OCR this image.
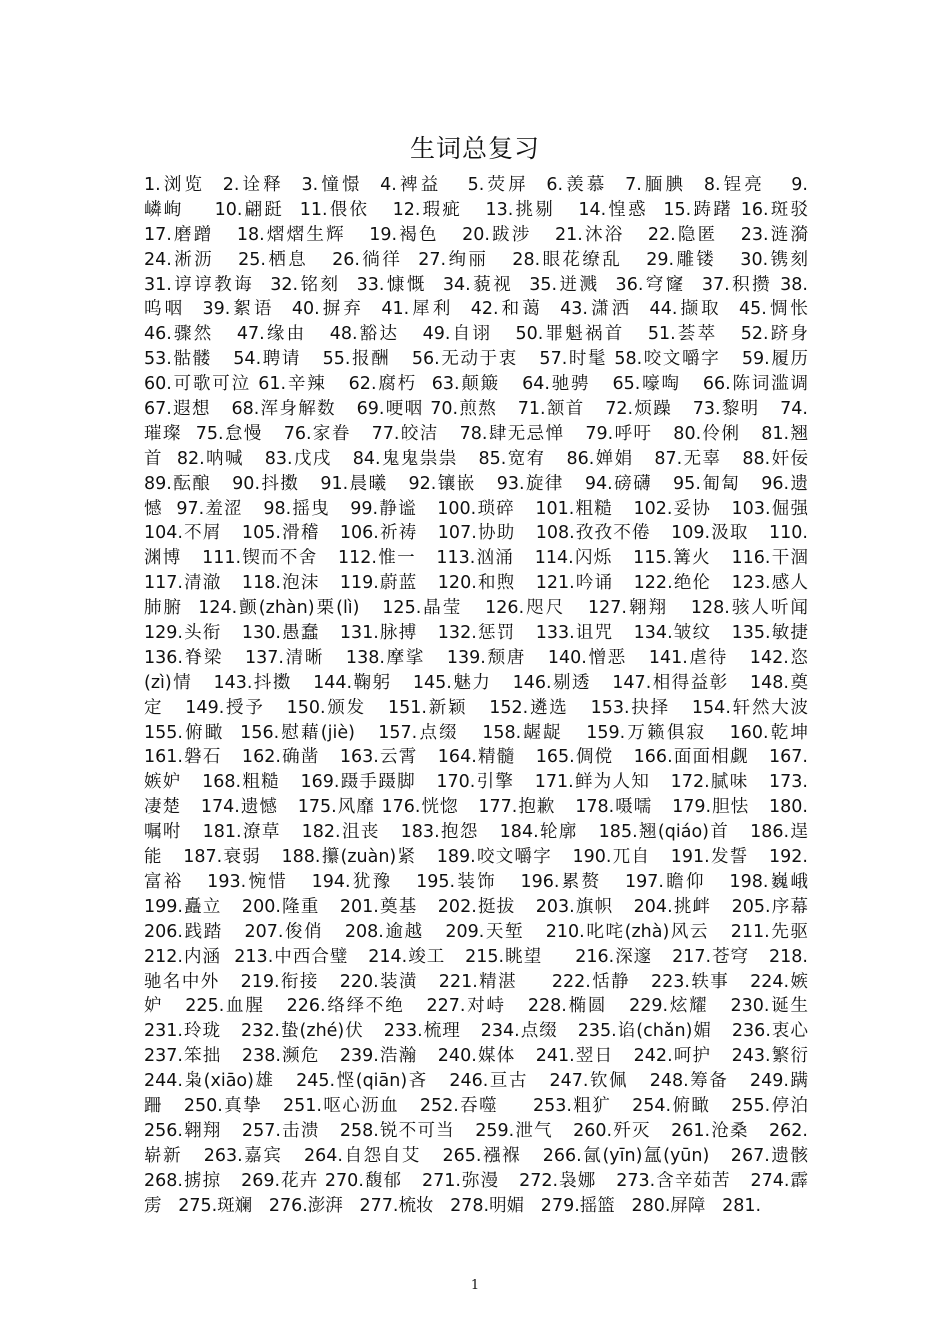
生词总复习
1.浏览  2.诠释  3.憧憬  4.裨益   5.荧屏  6.羡慕  7.腼腆  8.锃亮   9.
嶙峋    10.翩跹  11.偎依   12.瑕疵   13.挑剔   14.惶惑  15.踌躇 16.斑驳
17.磨蹭   18.熠熠生辉   19.褐色   20.跋涉   21.沐浴   22.隐匿   23.涟漪
24.淅沥   25.栖息   26.徜徉  27.绚丽   28.眼花缭乱   29.雕镂   30.镌刻
31.谆谆教诲  32.铭刻  33.慷慨  34.藐视  35.迸溅  36.穹窿  37.积攒 38.
呜咽  39.絮语  40.摒弃  41.犀利  42.和蔼  43.潇洒  44.撷取  45.惆怅
46.骤然   47.缘由   48.豁达   49.自诩   50.罪魁祸首   51.荟萃   52.跻身
53.骷髅   54.聘请   55.报酬   56.无动于衷   57.时髦 58.咬文嚼字   59.履历
60.可歌可泣 61.辛辣   62.腐朽  63.颠簸   64.驰骋   65.嚎啕   66.陈词滥调
67.遐想   68.浑身解数   69.哽咽 70.煎熬   71.颔首   72.烦躁   73.黎明   74.
璀璨  75.怠慢   76.家眷   77.皎洁   78.肆无忌惮   79.呼吁   80.伶俐   81.翘
首  82.呐喊   83.戊戌   84.鬼鬼祟祟   85.宽宥   86.婵娟   87.无辜   88.奸佞
89.酝酿   90.抖擞   91.晨曦   92.镶嵌   93.旋律   94.磅礴   95.匍匐   96.遗
憾  97.羞涩   98.摇曳   99.静谧   100.琐碎   101.粗糙   102.妥协   103.倔强
104.不屑   105.滑稽   106.祈祷   107.协助   108.孜孜不倦   109.汲取   110.
渊博   111.锲而不舍   112.惟一   113.汹涌   114.闪烁   115.篝火   116.干涸
117.清澈   118.泡沫   119.蔚蓝   120.和煦   121.吟诵   122.绝伦   123.感人
肺腑  124.颤(zhàn)栗(lì)   125.晶莹   126.咫尺   127.翱翔   128.骇人听闻
129.头衔   130.愚蠢   131.脉搏   132.惩罚   133.诅咒   134.皱纹   135.敏捷
136.脊梁   137.清晰   138.摩挲   139.颓唐   140.憎恶   141.虐待   142.恣
(zì)情   143.抖擞   144.鞠躬   145.魅力   146.剔透   147.相得益彰   148.奠
定   149.授予   150.颁发   151.新颖   152.遴选   153.抉择   154.轩然大波
155.俯瞰  156.慰藉(jiè)   157.点缀   158.龌龊   159.万籁俱寂   160.乾坤
161.磐石   162.确凿   163.云霄   164.精髓   165.倜傥   166.面面相觑   167.
嫉妒   168.粗糙   169.蹑手蹑脚   170.引擎   171.鲜为人知   172.腻味   173.
凄楚   174.遗憾   175.风靡 176.恍惚   177.抱歉   178.嗫嚅   179.胆怯   180.
嘱咐   181.潦草   182.沮丧   183.抱怨   184.轮廓   185.翘(qiáo)首   186.逞
能   187.衰弱   188.攥(zuàn)紧   189.咬文嚼字   190.兀自   191.发誓   192.
富裕   193.惋惜   194.犹豫   195.装饰   196.累赘   197.瞻仰   198.巍峨
199.矗立   200.隆重   201.奠基   202.挺拔   203.旗帜   204.挑衅   205.序幕
206.践踏   207.俊俏   208.逾越   209.天堑   210.叱咤(zhà)风云   211.先驱
212.内涵  213.中西合璧   214.竣工   215.眺望     216.深邃   217.苍穹   218.
驰名中外   219.衔接   220.装潢   221.精湛     222.恬静   223.轶事   224.嫉
妒   225.血腥   226.络绎不绝   227.对峙   228.椭圆   229.炫耀   230.诞生
231.玲珑   232.蛰(zhé)伏   233.梳理   234.点缀   235.谄(chǎn)媚   236.衷心
237.笨拙   238.濒危   239.浩瀚   240.媒体   241.翌日   242.呵护   243.繁衍
244.枭(xiāo)雄   245.悭(qiān)吝   246.亘古   247.钦佩   248.筹备   249.蹒
跚   250.真挚   251.呕心沥血   252.吞噬     253.粗犷   254.俯瞰   255.停泊
256.翱翔   257.击溃   258.锐不可当   259.泄气   260.歼灭   261.沧桑   262.
崭新   263.嘉宾   264.自怨自艾   265.襁褓   266.氤(yīn)氲(yūn)   267.遗骸
268.掳掠   269.花卉 270.馥郁   271.弥漫   272.袅娜   273.含辛茹苦   274.霹
雳   275.斑斓   276.澎湃   277.梳妆   278.明媚   279.摇篮   280.屏障   281.
1
